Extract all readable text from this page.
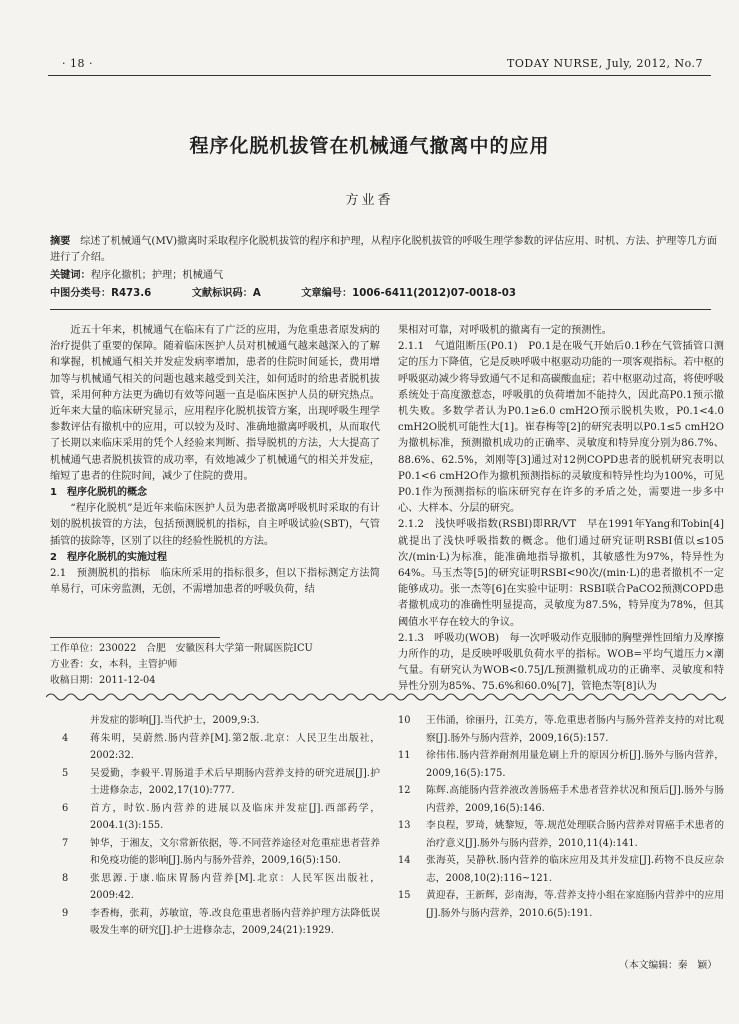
· 18 ·	TODAY NURSE, July, 2012, No.7
程序化脱机拔管在机械通气撤离中的应用
方业香
摘要 综述了机械通气(MV)撤离时采取程序化脱机拔管的程序和护理，从程序化脱机拔管的呼吸生理学参数的评估应用、时机、方法、护理等几方面进行了介绍。
关键词：程序化撤机；护理；机械通气
中图分类号：R473.6	文献标识码：A	文章编号：1006-6411(2012)07-0018-03

近五十年来，机械通气在临床有了广泛的应用，为危重患者原发病的治疗提供了重要的保障。随着临床医护人员对机械通气越来越深入的了解和掌握，机械通气相关并发症发病率增加，患者的住院时间延长，费用增加等与机械通气相关的问题也越来越受到关注，如何适时的给患者脱机拔管，采用何种方法更为确切有效等问题一直是临床医护人员的研究热点。近年来大量的临床研究显示，应用程序化脱机拔管方案，出现呼吸生理学参数评估有撤机中的应用，可以较为及时、准确地撤离呼吸机，从而取代了长期以来临床采用的凭个人经验来判断、指导脱机的方法，大大提高了机械通气患者脱机拔管的成功率，有效地减少了机械通气的相关并发症，缩短了患者的住院时间，减少了住院的费用。

1　程序化脱机的概念

“程序化脱机”是近年来临床医护人员为患者撤离呼吸机时采取的有计划的脱机拔管的方法，包括预测脱机的指标，自主呼吸试验(SBT)，气管插管的拔除等，区别了以往的经验性脱机的方法。

2　程序化脱机的实施过程

2.1　预测脱机的指标　临床所采用的指标很多，但以下指标测定方法简单易行，可床旁监测，无创，不需增加患者的呼吸负荷，结

果相对可靠，对呼吸机的撤离有一定的预测性。

2.1.1　气道阻断压(P0.1)　P0.1是在吸气开始后0.1秒在气管插管口测定的压力下降值，它是反映呼吸中枢驱动功能的一项客观指标。若中枢的呼吸驱动减少将导致通气不足和高碳酸血症；若中枢驱动过高，将使呼吸系统处于高度激惹态，呼吸肌的负荷增加不能持久，因此高P0.1预示撤机失败。多数学者认为P0.1≥6.0 cmH2O预示脱机失败，P0.1<4.0 cmH2O脱机可能性大[1]。崔春梅等[2]的研究表明以P0.1≤5 cmH2O为撤机标准，预测撤机成功的正确率、灵敏度和特异度分别为86.7%、88.6%、62.5%，刘刚等[3]通过对12例COPD患者的脱机研究表明以P0.1<6 cmH2O作为撤机预测指标的灵敏度和特异性均为100%，可见P0.1作为预测指标的临床研究存在许多的矛盾之处，需要进一步多中心、大样本、分层的研究。

2.1.2　浅快呼吸指数(RSBI)即RR/VT　早在1991年Yang和Tobin[4]就提出了浅快呼吸指数的概念。他们通过研究证明RSBI值以≤105次/(min·L)为标准，能准确地指导撤机，其敏感性为97%，特异性为64%。马玉杰等[5]的研究证明RSBI<90次/(min·L)的患者撤机不一定能够成功。张一杰等[6]在实验中证明：RSBI联合PaCO2预测COPD患者撤机成功的准确性明显提高，灵敏度为87.5%，特异度为78%，但其阈值水平存在较大的争议。

2.1.3　呼吸功(WOB)　每一次呼吸动作克服肺的胸壁弹性回缩力及摩擦力所作的功，是反映呼吸肌负荷水平的指标。WOB=平均气道压力×潮气量。有研究认为WOB<0.75J/L预测撤机成功的正确率、灵敏度和特异性分别为85%、75.6%和60.0%[7]，管艳杰等[8]认为

工作单位：230022　合肥　安徽医科大学第一附属医院ICU
方业香：女，本科，主管护师
收稿日期：2011-12-04
并发症的影响[J].当代护士，2009,9:3.
4	蒋朱明，吴蔚然.肠内营养[M].第2版.北京：人民卫生出版社，2002:32.
5	吴爱勤，李毅平.胃肠道手术后早期肠内营养支持的研究进展[J].护士进修杂志，2002,17(10):777.
6	首方，时钦.肠内营养的进展以及临床并发症[J].西部药学，2004.1(3):155.
7	钟华，于湘友，文尔常新依据，等.不同营养途径对危重症患者营养和免疫功能的影响[J].肠内与肠外营养，2009,16(5):150.
8	张思源.于康.临床胃肠内营养[M].北京：人民军医出版社，2009:42.
9	李香梅，张莉，苏敏谊，等.改良危重患者肠内营养护理方法降低误吸发生率的研究[J].护士进修杂志，2009,24(21):1929.
10	王伟涌，徐丽丹，江美方，等.危重患者肠内与肠外营养支持的对比观察[J].肠外与肠内营养，2009,16(5):157.
11	徐伟伟.肠内营养耐剂用量危刷上升的原因分析[J].肠外与肠内营养，2009,16(5):175.
12	陈辉.高能肠内营养液改善肠癌手术患者营养状况和预后[J].肠外与肠内营养，2009,16(5):146.
13	李良程，罗琦，姚黎短，等.规范处理联合肠内营养对胃癌手术患者的治疗意义[J].肠外与肠内营养，2010,11(4):141.
14	张海英，吴静秋.肠内营养的临床应用及其并发症[J].药物不良反应杂志，2008,10(2):116~121.
15	黄迎春，王新辉，彭南海，等.营养支持小组在家庭肠内营养中的应用[J].肠外与肠内营养，2010.6(5):191.
（本文编辑：秦　颖）
